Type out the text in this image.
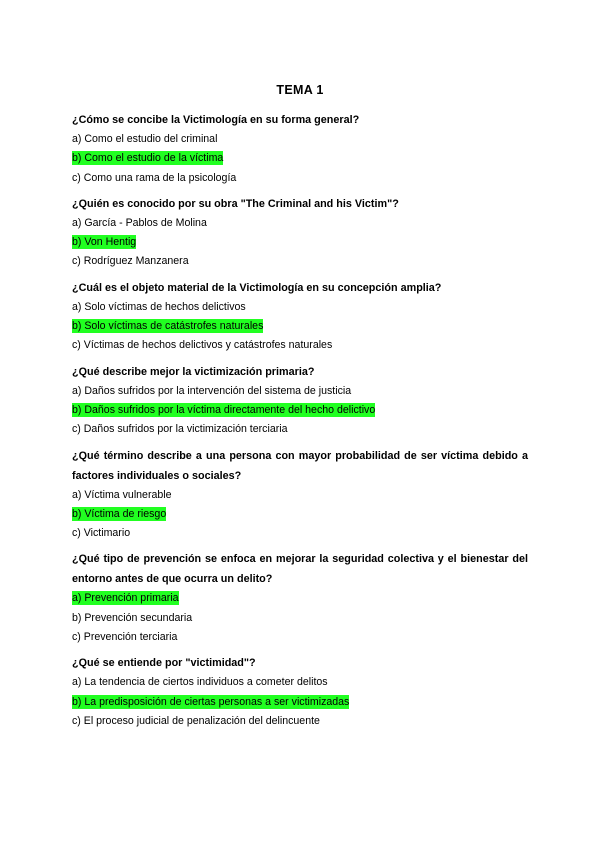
TEMA 1

¿Cómo se concibe la Victimología en su forma general?

a) Como el estudio del criminal

b) Como el estudio de la víctima

c) Como una rama de la psicología

¿Quién es conocido por su obra "The Criminal and his Victim"?

a) García - Pablos de Molina

b) Von Hentig

c) Rodríguez Manzanera

¿Cuál es el objeto material de la Victimología en su concepción amplia?

a) Solo víctimas de hechos delictivos

b) Solo víctimas de catástrofes naturales

c) Víctimas de hechos delictivos y catástrofes naturales

¿Qué describe mejor la victimización primaria?

a) Daños sufridos por la intervención del sistema de justicia

b) Daños sufridos por la víctima directamente del hecho delictivo

c) Daños sufridos por la victimización terciaria

¿Qué término describe a una persona con mayor probabilidad de ser víctima debido a factores individuales o sociales?

a) Víctima vulnerable

b) Víctima de riesgo

c) Victimario

¿Qué tipo de prevención se enfoca en mejorar la seguridad colectiva y el bienestar del entorno antes de que ocurra un delito?

a) Prevención primaria

b) Prevención secundaria

c) Prevención terciaria

¿Qué se entiende por "victimidad"?

a) La tendencia de ciertos individuos a cometer delitos

b) La predisposición de ciertas personas a ser victimizadas

c) El proceso judicial de penalización del delincuente
